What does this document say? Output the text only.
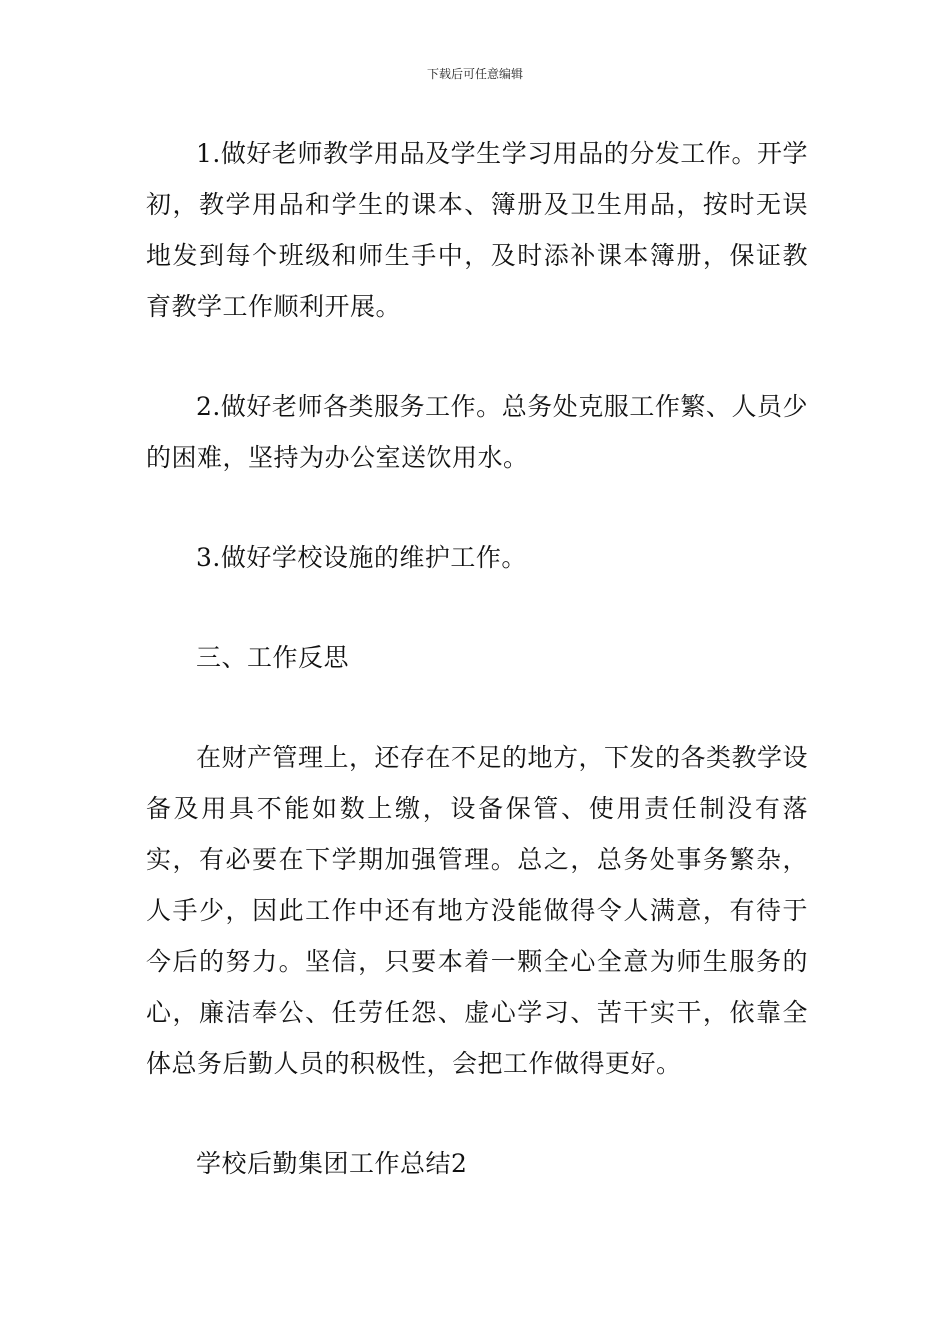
下载后可任意编辑

1.做好老师教学用品及学生学习用品的分发工作。开学初，教学用品和学生的课本、簿册及卫生用品，按时无误地发到每个班级和师生手中，及时添补课本簿册，保证教育教学工作顺利开展。

2.做好老师各类服务工作。总务处克服工作繁、人员少的困难，坚持为办公室送饮用水。

3.做好学校设施的维护工作。

三、工作反思

在财产管理上，还存在不足的地方，下发的各类教学设备及用具不能如数上缴，设备保管、使用责任制没有落实，有必要在下学期加强管理。总之，总务处事务繁杂，人手少，因此工作中还有地方没能做得令人满意，有待于今后的努力。坚信，只要本着一颗全心全意为师生服务的心，廉洁奉公、任劳任怨、虚心学习、苦干实干，依靠全体总务后勤人员的积极性，会把工作做得更好。

学校后勤集团工作总结2
